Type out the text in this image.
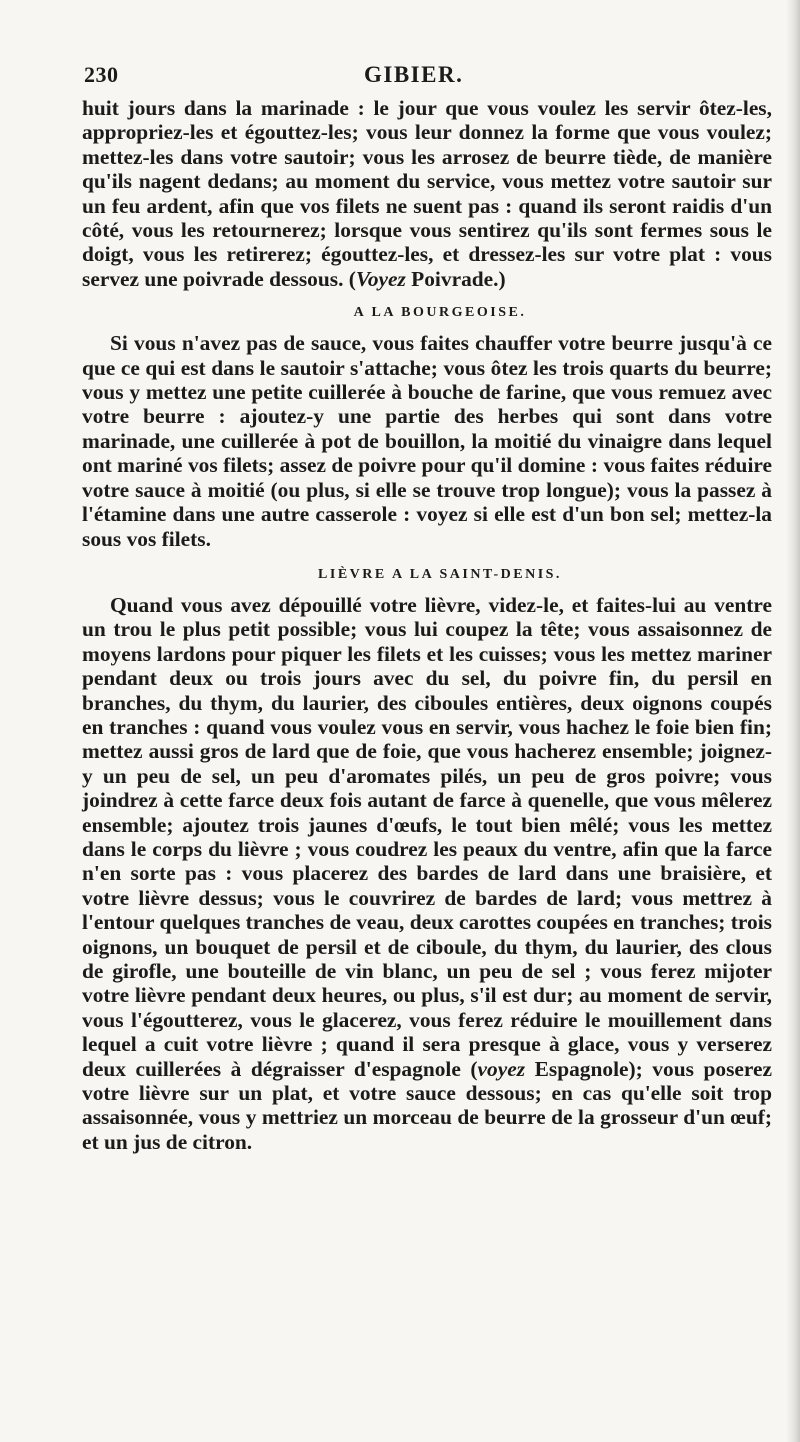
230	GIBIER.

huit jours dans la marinade : le jour que vous voulez les servir ôtez-les, appropriez-les et égouttez-les; vous leur donnez la forme que vous voulez; mettez-les dans votre sautoir; vous les arrosez de beurre tiède, de manière qu'ils nagent dedans; au moment du service, vous mettez votre sautoir sur un feu ardent, afin que vos filets ne suent pas : quand ils seront raidis d'un côté, vous les retournerez; lorsque vous sentirez qu'ils sont fermes sous le doigt, vous les retirerez; égouttez-les, et dressez-les sur votre plat : vous servez une poivrade dessous. (Voyez Poivrade.)

A LA BOURGEOISE.

Si vous n'avez pas de sauce, vous faites chauffer votre beurre jusqu'à ce que ce qui est dans le sautoir s'attache; vous ôtez les trois quarts du beurre; vous y mettez une petite cuillerée à bouche de farine, que vous remuez avec votre beurre : ajoutez-y une partie des herbes qui sont dans votre marinade, une cuillerée à pot de bouillon, la moitié du vinaigre dans lequel ont mariné vos filets; assez de poivre pour qu'il domine : vous faites réduire votre sauce à moitié (ou plus, si elle se trouve trop longue); vous la passez à l'étamine dans une autre casserole : voyez si elle est d'un bon sel; mettez-la sous vos filets.

LIÈVRE A LA SAINT-DENIS.

Quand vous avez dépouillé votre lièvre, videz-le, et faites-lui au ventre un trou le plus petit possible; vous lui coupez la tête; vous assaisonnez de moyens lardons pour piquer les filets et les cuisses; vous les mettez mariner pendant deux ou trois jours avec du sel, du poivre fin, du persil en branches, du thym, du laurier, des ciboules entières, deux oignons coupés en tranches : quand vous voulez vous en servir, vous hachez le foie bien fin; mettez aussi gros de lard que de foie, que vous hacherez ensemble; joignez-y un peu de sel, un peu d'aromates pilés, un peu de gros poivre; vous joindrez à cette farce deux fois autant de farce à quenelle, que vous mêlerez ensemble; ajoutez trois jaunes d'œufs, le tout bien mêlé; vous les mettez dans le corps du lièvre ; vous coudrez les peaux du ventre, afin que la farce n'en sorte pas : vous placerez des bardes de lard dans une braisière, et votre lièvre dessus; vous le couvrirez de bardes de lard; vous mettrez à l'entour quelques tranches de veau, deux carottes coupées en tranches; trois oignons, un bouquet de persil et de ciboule, du thym, du laurier, des clous de girofle, une bouteille de vin blanc, un peu de sel ; vous ferez mijoter votre lièvre pendant deux heures, ou plus, s'il est dur; au moment de servir, vous l'égoutterez, vous le glacerez, vous ferez réduire le mouillement dans lequel a cuit votre lièvre ; quand il sera presque à glace, vous y verserez deux cuillerées à dégraisser d'espagnole (voyez Espagnole); vous poserez votre lièvre sur un plat, et votre sauce dessous; en cas qu'elle soit trop assaisonnée, vous y mettriez un morceau de beurre de la grosseur d'un œuf; et un jus de citron.
